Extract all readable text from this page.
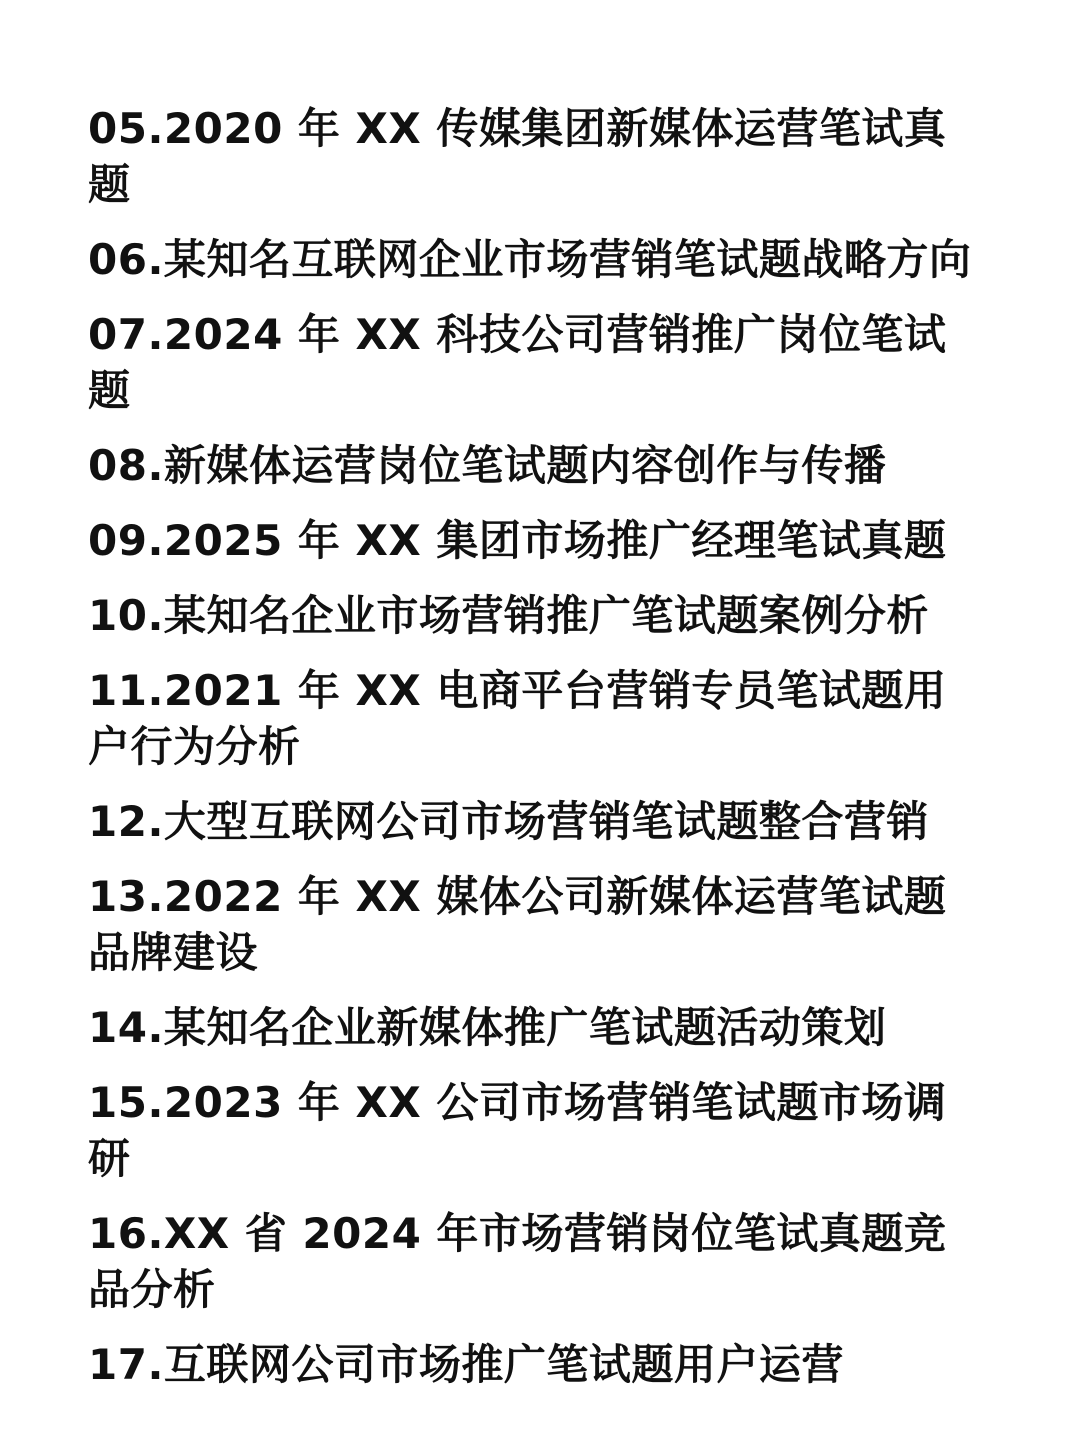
05.2020 年 XX 传媒集团新媒体运营笔试真题

06.某知名互联网企业市场营销笔试题战略方向

07.2024 年 XX 科技公司营销推广岗位笔试题

08.新媒体运营岗位笔试题内容创作与传播

09.2025 年 XX 集团市场推广经理笔试真题

10.某知名企业市场营销推广笔试题案例分析

11.2021 年 XX 电商平台营销专员笔试题用户行为分析

12.大型互联网公司市场营销笔试题整合营销

13.2022 年 XX 媒体公司新媒体运营笔试题品牌建设

14.某知名企业新媒体推广笔试题活动策划

15.2023 年 XX 公司市场营销笔试题市场调研

16.XX 省 2024 年市场营销岗位笔试真题竞品分析

17.互联网公司市场推广笔试题用户运营
